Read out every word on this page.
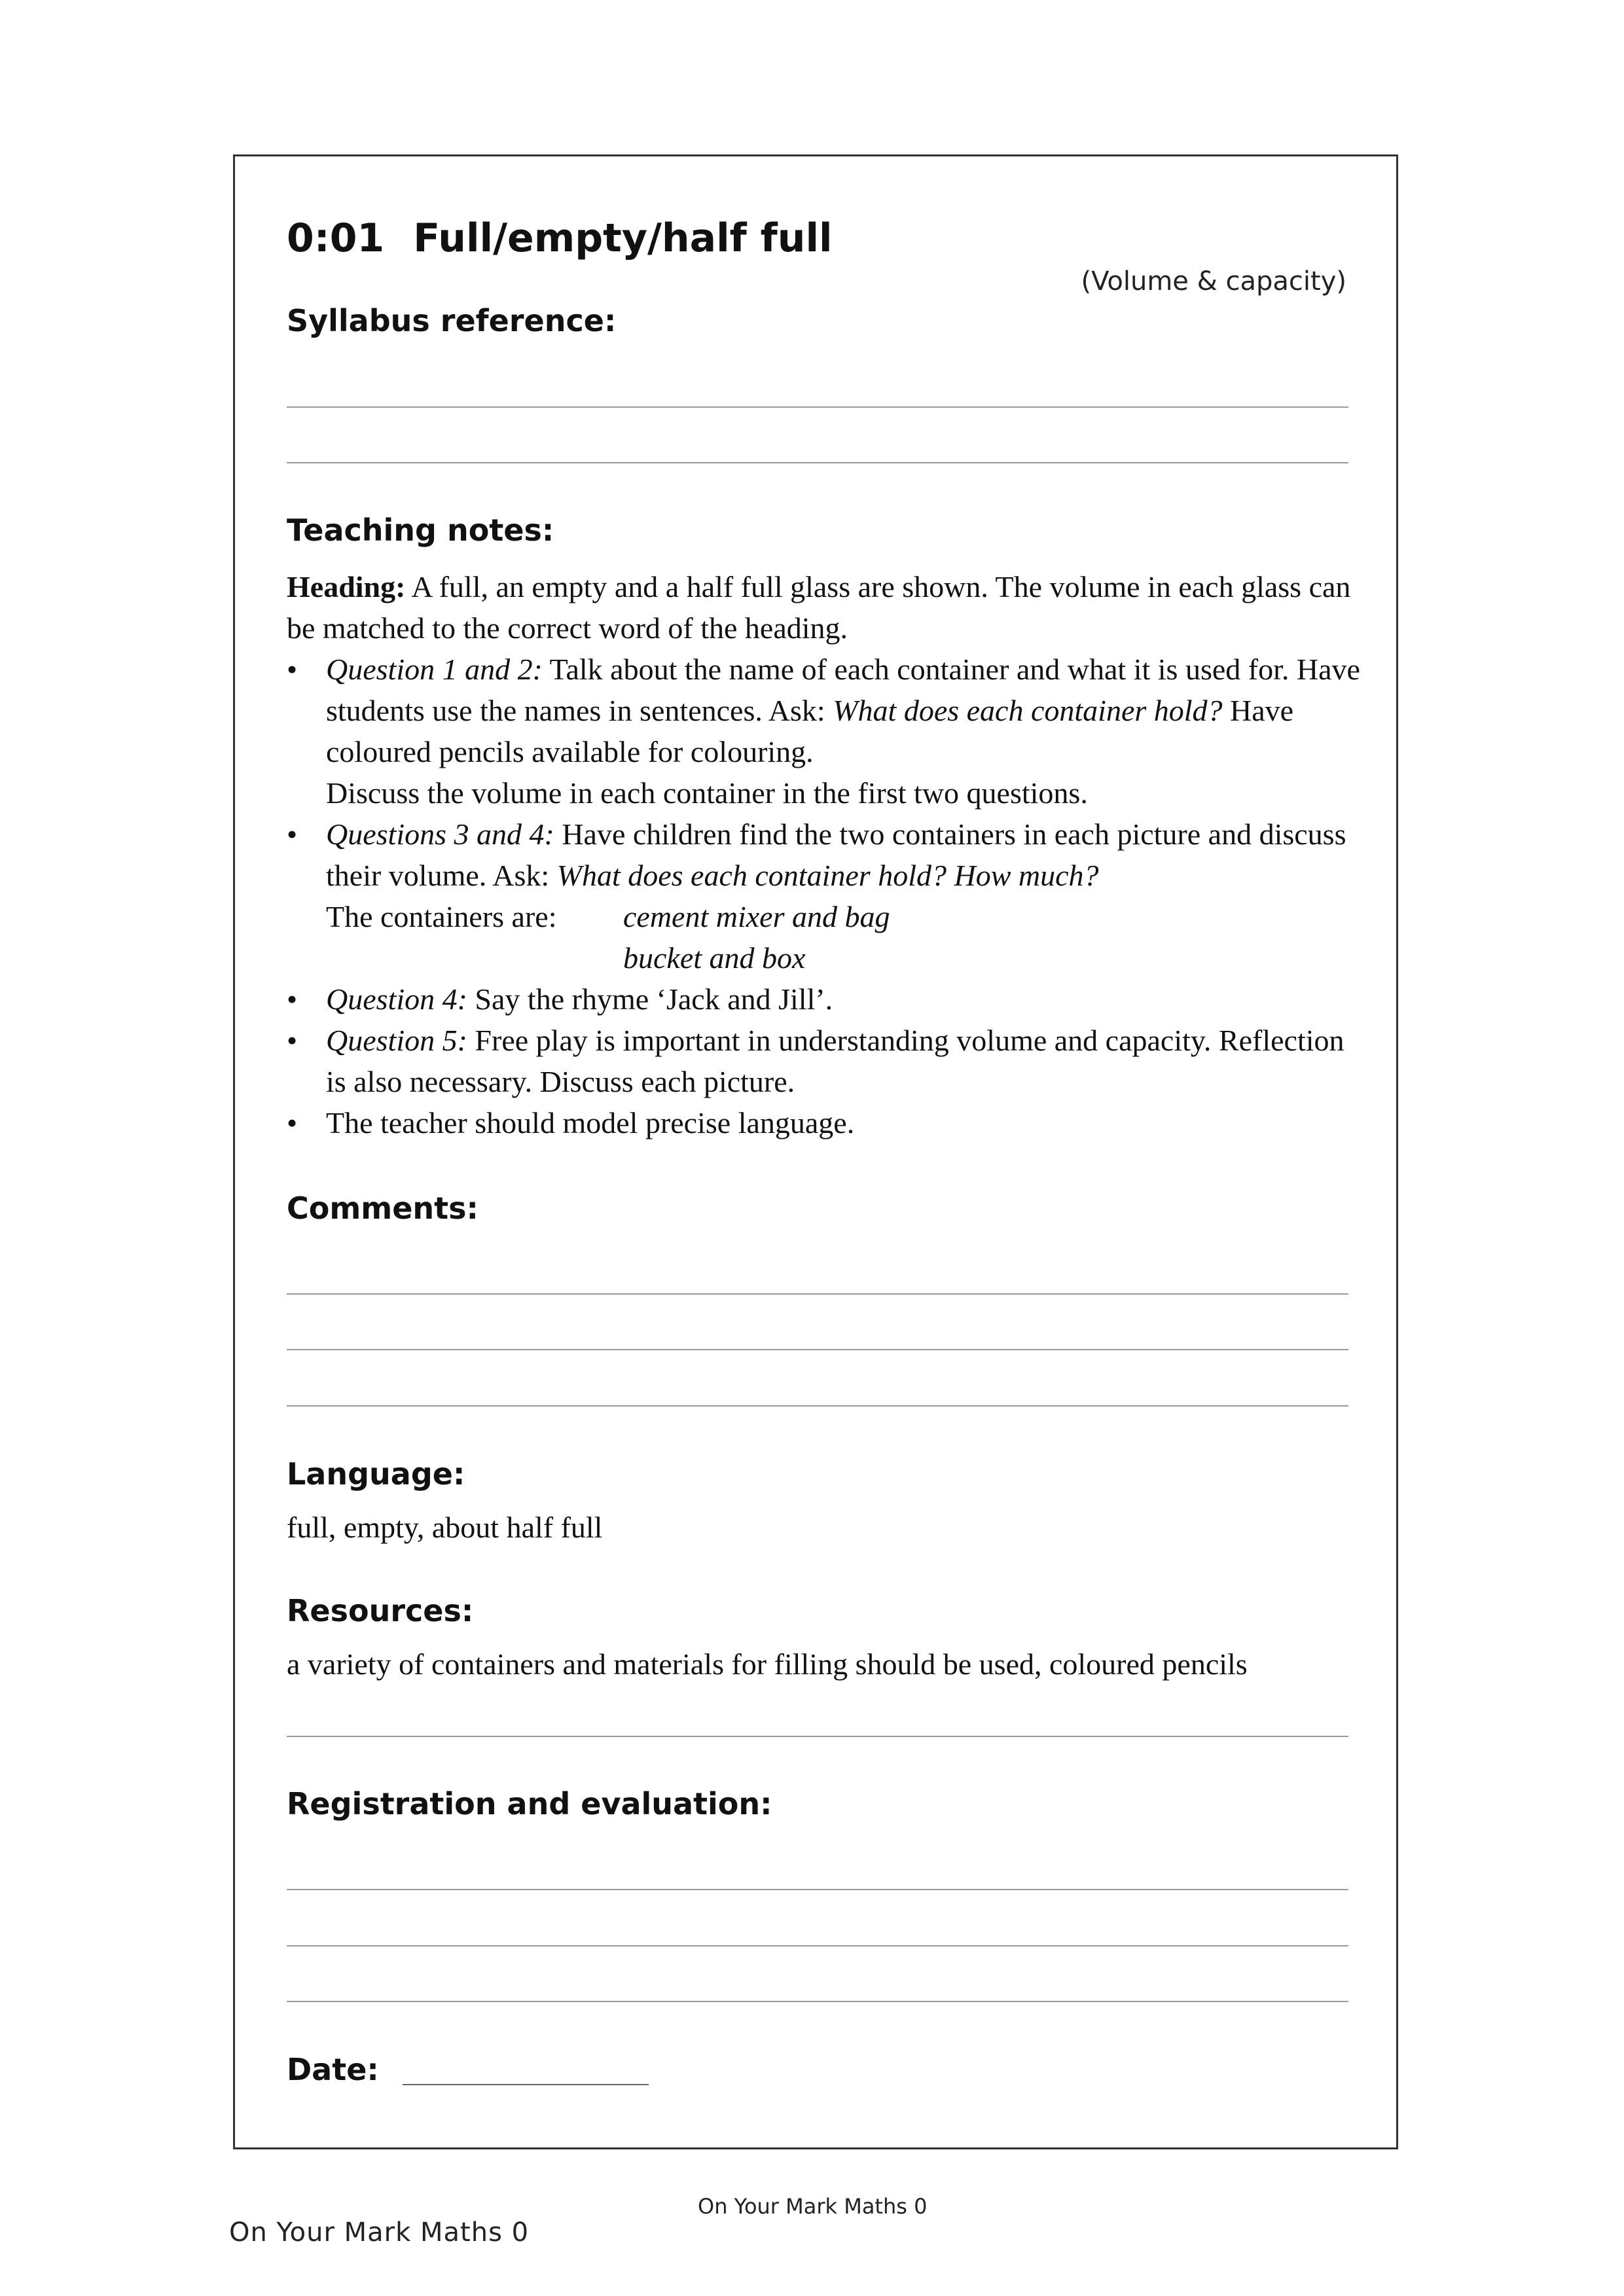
0:01 Full/empty/half full
(Volume & capacity)
Syllabus reference:
Teaching notes:

Heading: A full, an empty and a half full glass are shown. The volume in each glass can be matched to the correct word of the heading.

• Question 1 and 2: Talk about the name of each container and what it is used for. Have students use the names in sentences. Ask: What does each container hold? Have coloured pencils available for colouring.
Discuss the volume in each container in the first two questions.
• Questions 3 and 4: Have children find the two containers in each picture and discuss their volume. Ask: What does each container hold? How much?
The containers are:	cement mixer and bag
bucket and box
• Question 4: Say the rhyme ‘Jack and Jill’.
• Question 5: Free play is important in understanding volume and capacity. Reflection is also necessary. Discuss each picture.
• The teacher should model precise language.
Comments:
Language:
full, empty, about half full
Resources:
a variety of containers and materials for filling should be used, coloured pencils
Registration and evaluation:
Date:
On Your Mark Maths 0
On Your Mark Maths 0
